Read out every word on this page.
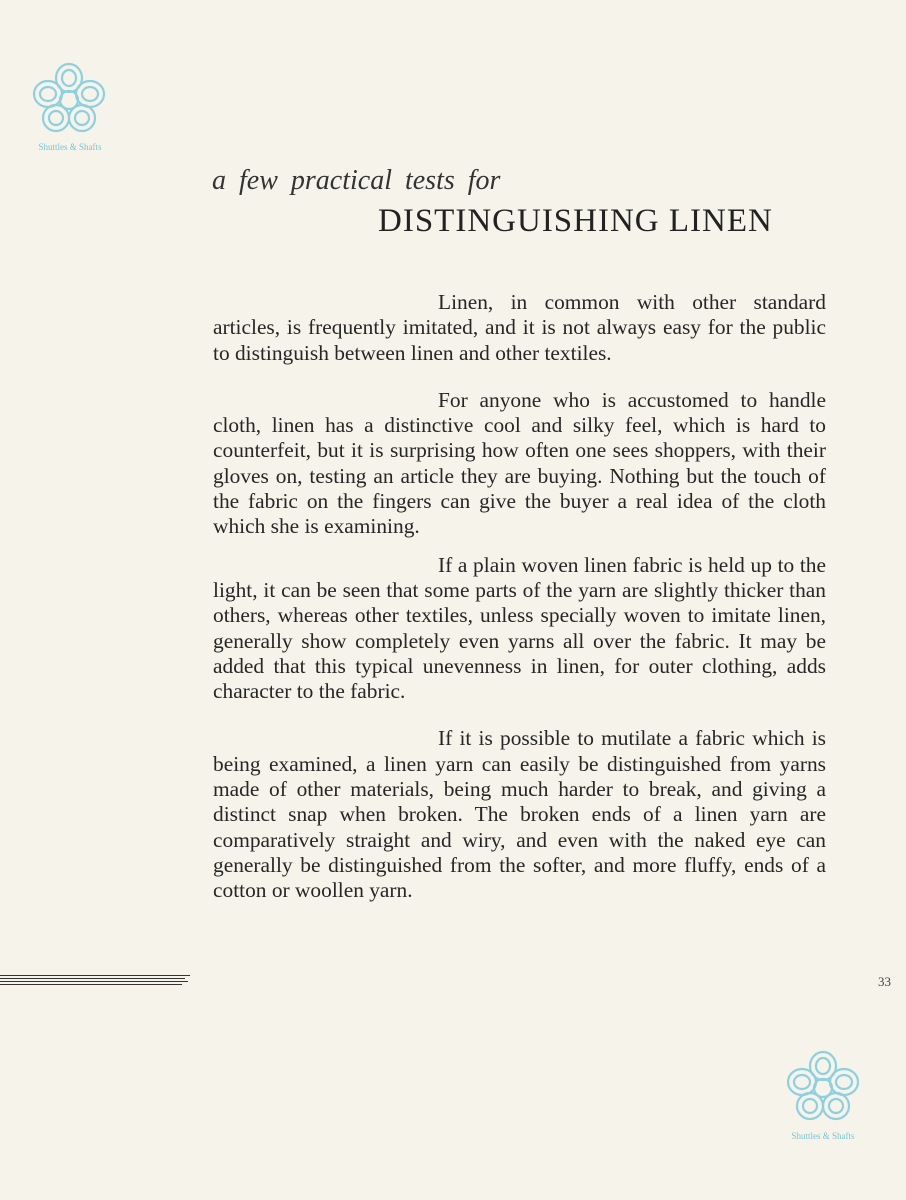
Shuttles & Shafts
a few practical tests for
DISTINGUISHING LINEN

Linen, in common with other standard articles, is frequently imitated, and it is not always easy for the public to distinguish between linen and other textiles.

For anyone who is accustomed to handle cloth, linen has a distinctive cool and silky feel, which is hard to counterfeit, but it is surprising how often one sees shoppers, with their gloves on, testing an article they are buying. Nothing but the touch of the fabric on the fingers can give the buyer a real idea of the cloth which she is examining.

If a plain woven linen fabric is held up to the light, it can be seen that some parts of the yarn are slightly thicker than others, whereas other textiles, unless specially woven to imitate linen, generally show completely even yarns all over the fabric. It may be added that this typical unevenness in linen, for outer clothing, adds character to the fabric.

If it is possible to mutilate a fabric which is being examined, a linen yarn can easily be distinguished from yarns made of other materials, being much harder to break, and giving a distinct snap when broken. The broken ends of a linen yarn are comparatively straight and wiry, and even with the naked eye can generally be distinguished from the softer, and more fluffy, ends of a cotton or woollen yarn.

33
Shuttles & Shafts
